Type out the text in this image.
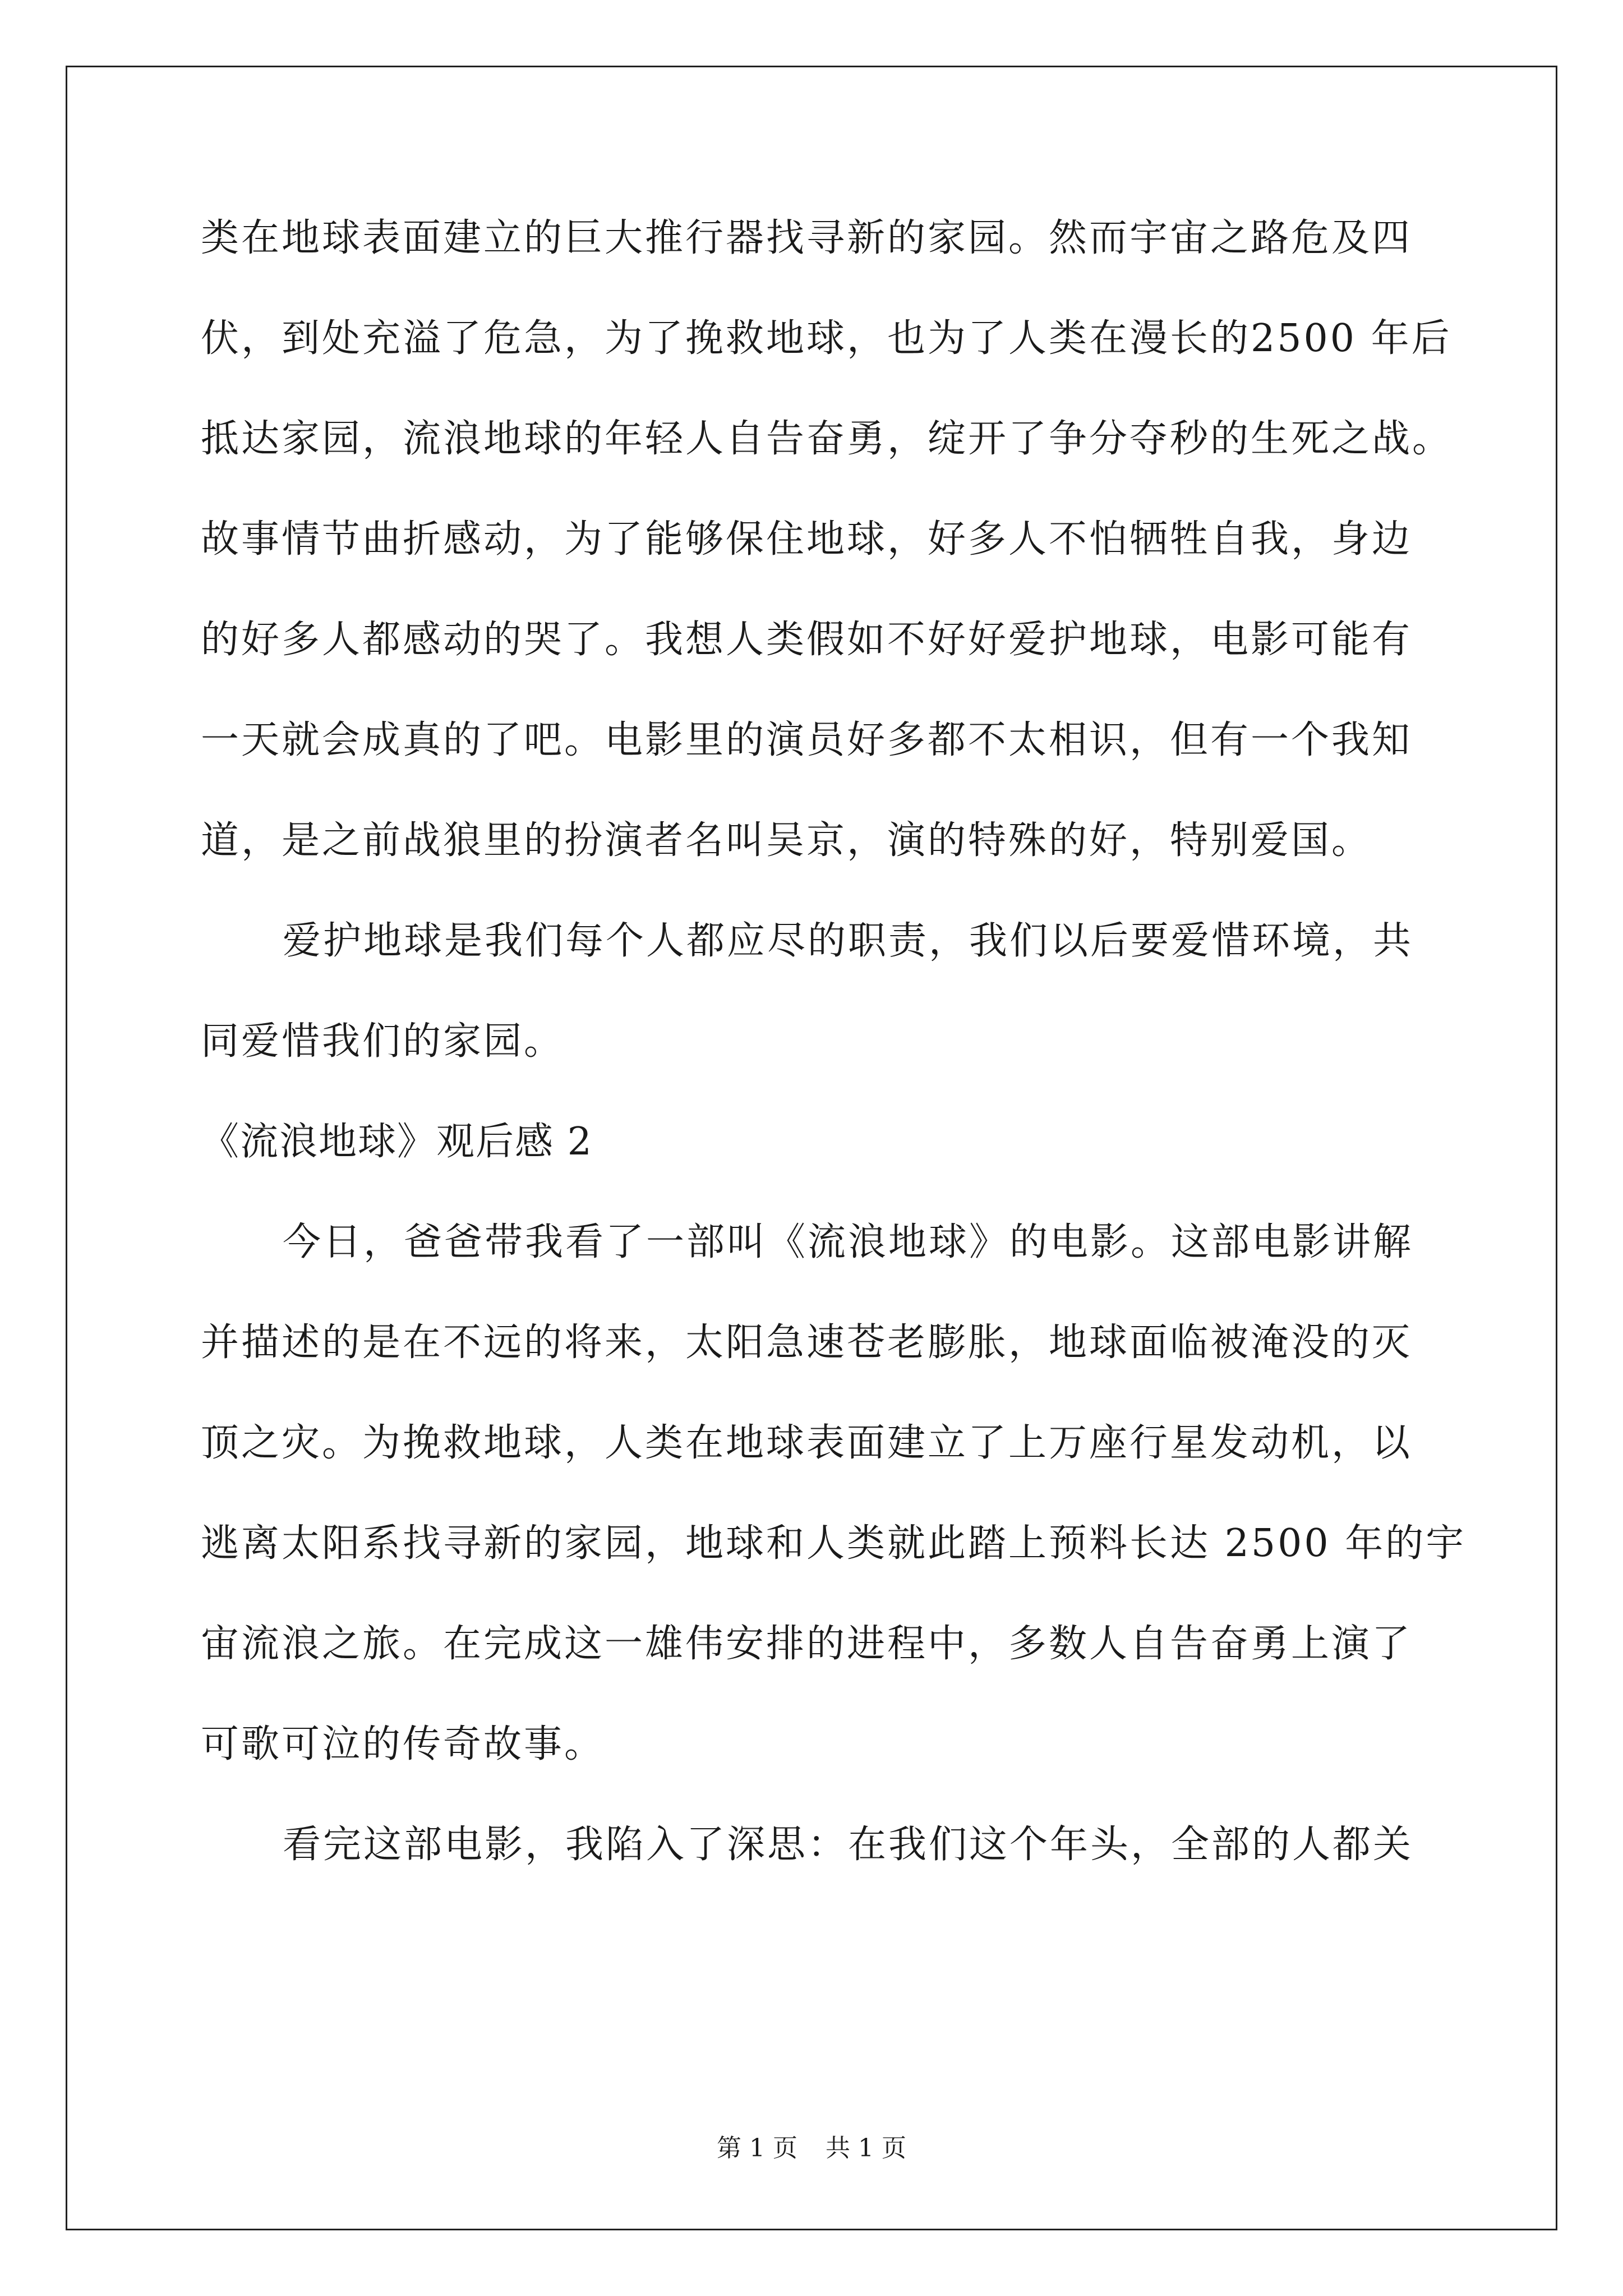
类在地球表面建立的巨大推行器找寻新的家园。然而宇宙之路危及四
伏，到处充溢了危急，为了挽救地球，也为了人类在漫长的2500 年后
抵达家园，流浪地球的年轻人自告奋勇，绽开了争分夺秒的生死之战。
故事情节曲折感动，为了能够保住地球，好多人不怕牺牲自我，身边
的好多人都感动的哭了。我想人类假如不好好爱护地球，电影可能有
一天就会成真的了吧。电影里的演员好多都不太相识，但有一个我知
道，是之前战狼里的扮演者名叫吴京，演的特殊的好，特别爱国。
爱护地球是我们每个人都应尽的职责，我们以后要爱惜环境，共
同爱惜我们的家园。
《流浪地球》观后感 2
今日，爸爸带我看了一部叫《流浪地球》的电影。这部电影讲解
并描述的是在不远的将来，太阳急速苍老膨胀，地球面临被淹没的灭
顶之灾。为挽救地球，人类在地球表面建立了上万座行星发动机，以
逃离太阳系找寻新的家园，地球和人类就此踏上预料长达 2500 年的宇
宙流浪之旅。在完成这一雄伟安排的进程中，多数人自告奋勇上演了
可歌可泣的传奇故事。
看完这部电影，我陷入了深思：在我们这个年头，全部的人都关
第 1 页 共 1 页
